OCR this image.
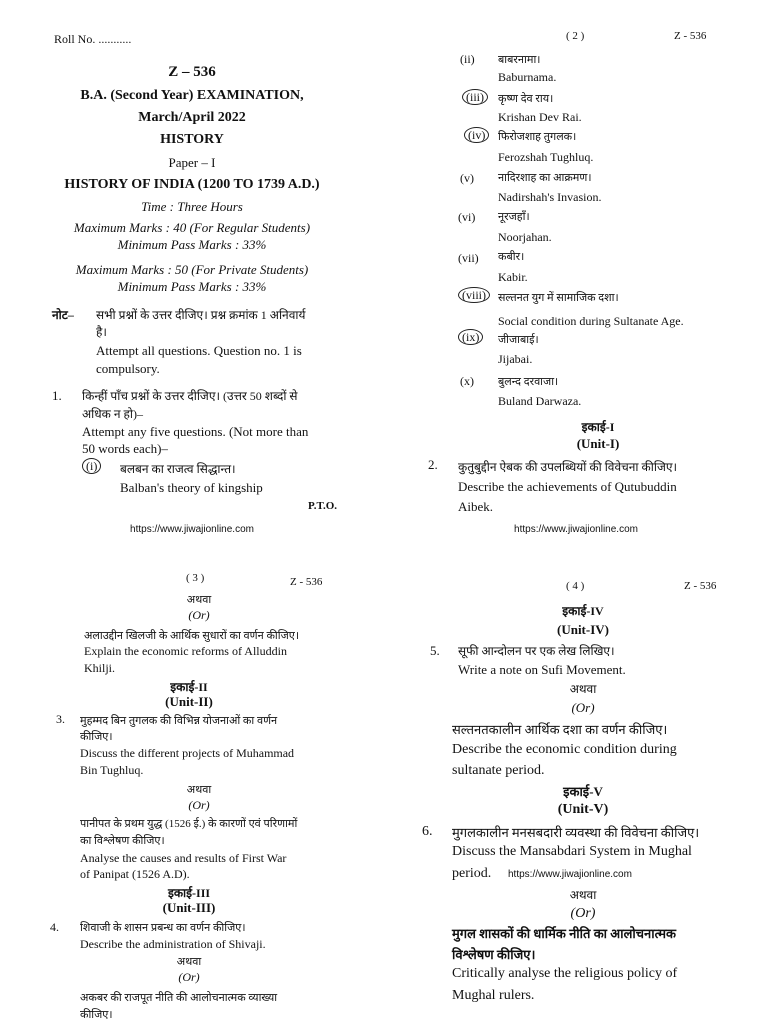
Roll No. ...........
Z – 536
B.A. (Second Year) EXAMINATION,
March/April 2022
HISTORY
Paper – I
HISTORY OF INDIA (1200 TO 1739 A.D.)
Time : Three Hours
Maximum Marks : 40 (For Regular Students)
Minimum Pass Marks : 33%
Maximum Marks : 50 (For Private Students)
Minimum Pass Marks : 33%
नोट– सभी प्रश्नों के उत्तर दीजिए। प्रश्न क्रमांक 1 अनिवार्य
है।
Attempt all questions. Question no. 1 is
compulsory.
1. किन्हीं पाँच प्रश्नों के उत्तर दीजिए। (उत्तर 50 शब्दों से
अधिक न हो)–
Attempt any five questions. (Not more than
50 words each)–
(i)	बलबन का राजत्व सिद्धान्त।
Balban's theory of kingship
P.T.O.
https://www.jiwajionline.com
( 2 )	Z - 536
(ii) बाबरनामा।
Baburnama.
(iii)	कृष्ण देव राय।
Krishan Dev Rai.
(iv)	फिरोजशाह तुगलक।
Ferozshah Tughluq.
(v) नादिरशाह का आक्रमण।
Nadirshah's Invasion.
(vi) नूरजहाँ।
Noorjahan.
(vii) कबीर।
Kabir.
(viii)	सल्तनत युग में सामाजिक दशा।
Social condition during Sultanate Age.
(ix)	जीजाबाई।
Jijabai.
(x) बुलन्द दरवाजा।
Buland Darwaza.
इकाई-I
(Unit-I)
2. कुतुबुद्दीन ऐबक की उपलब्धियों की विवेचना कीजिए।
Describe the achievements of Qutubuddin
Aibek.
https://www.jiwajionline.com
( 3 )	Z - 536
अथवा
(Or)
अलाउद्दीन खिलजी के आर्थिक सुधारों का वर्णन कीजिए।
Explain the economic reforms of Alluddin
Khilji.
इकाई-II
(Unit-II)
3. मुहम्मद बिन तुगलक की विभिन्न योजनाओं का वर्णन
कीजिए।
Discuss the different projects of Muhammad
Bin Tughluq.
अथवा
(Or)
पानीपत के प्रथम युद्ध (1526 ई.) के कारणों एवं परिणामों
का विश्लेषण कीजिए।
Analyse the causes and results of First War
of Panipat (1526 A.D).
इकाई-III
(Unit-III)
4. शिवाजी के शासन प्रबन्ध का वर्णन कीजिए।
Describe the administration of Shivaji.
अथवा
(Or)
अकबर की राजपूत नीति की आलोचनात्मक व्याख्या
कीजिए।
( 4 )	Z - 536
इकाई-IV
(Unit-IV)
5. सूफी आन्दोलन पर एक लेख लिखिए।
Write a note on Sufi Movement.
अथवा
(Or)
सल्तनतकालीन आर्थिक दशा का वर्णन कीजिए।
Describe the economic condition during
sultanate period.
इकाई-V
(Unit-V)
6. मुगलकालीन मनसबदारी व्यवस्था की विवेचना कीजिए।
Discuss the Mansabdari System in Mughal
period. https://www.jiwajionline.com
अथवा
(Or)
मुगल शासकों की धार्मिक नीति का आलोचनात्मक
विश्लेषण कीजिए।
Critically analyse the religious policy of
Mughal rulers.
